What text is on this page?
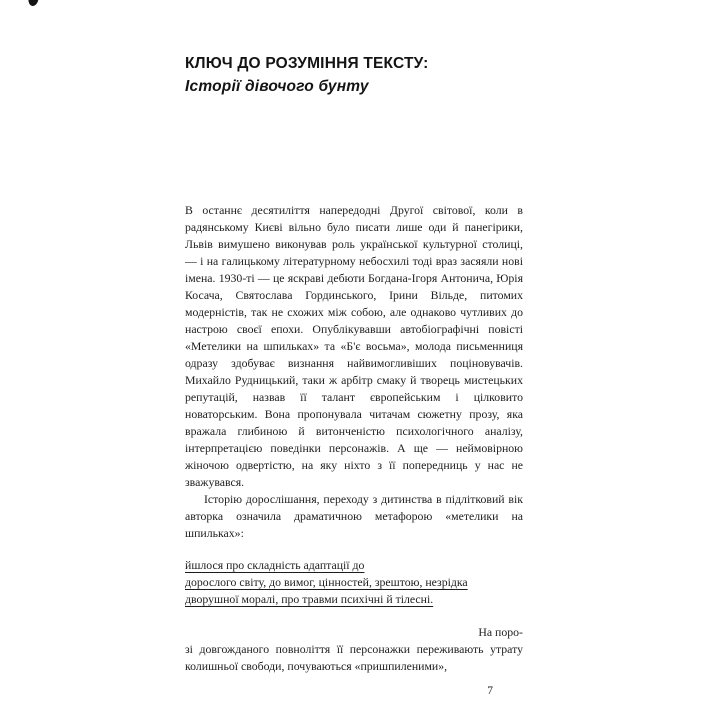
КЛЮЧ ДО РОЗУМІННЯ ТЕКСТУ:
Історії дівочого бунту
В останнє десятиліття напередодні Другої світової, коли в радянському Києві вільно було писати лише оди й панегірики, Львів вимушено виконував роль української культурної столиці, — і на галицькому літературному небосхилі тоді враз засяяли нові імена. 1930-ті — це яскраві дебюти Богдана-Ігоря Антонича, Юрія Косача, Святослава Гординського, Ірини Вільде, питомих модерністів, так не схожих між собою, але однаково чутливих до настрою своєї епохи. Опублікувавши автобіографічні повісті «Метелики на шпильках» та «Б'є восьма», молода письменниця одразу здобуває визнання найвимогливіших поціновувачів. Михайло Рудницький, таки ж арбітр смаку й творець мистецьких репутацій, назвав її талант європейським і цілковито новаторським. Вона пропонувала читачам сюжетну прозу, яка вражала глибиною й витонченістю психологічного аналізу, інтерпретацією поведінки персонажів. А ще — неймовірною жіночою одвертістю, на яку ніхто з її попередниць у нас не зважувався.
Історію дорослішання, переходу з дитинства в підлітковий вік авторка означила драматичною метафорою «метелики на шпильках»:
йшлося про складність адаптації до
дорослого світу, до вимог, цінностей, зрештою, незрідка
дворушної моралі, про травми психічні й тілесні.
На поро-
зі довгожданого повноліття її персонажки переживають утрату колишньої свободи, почуваються «пришпиленими»,
7
